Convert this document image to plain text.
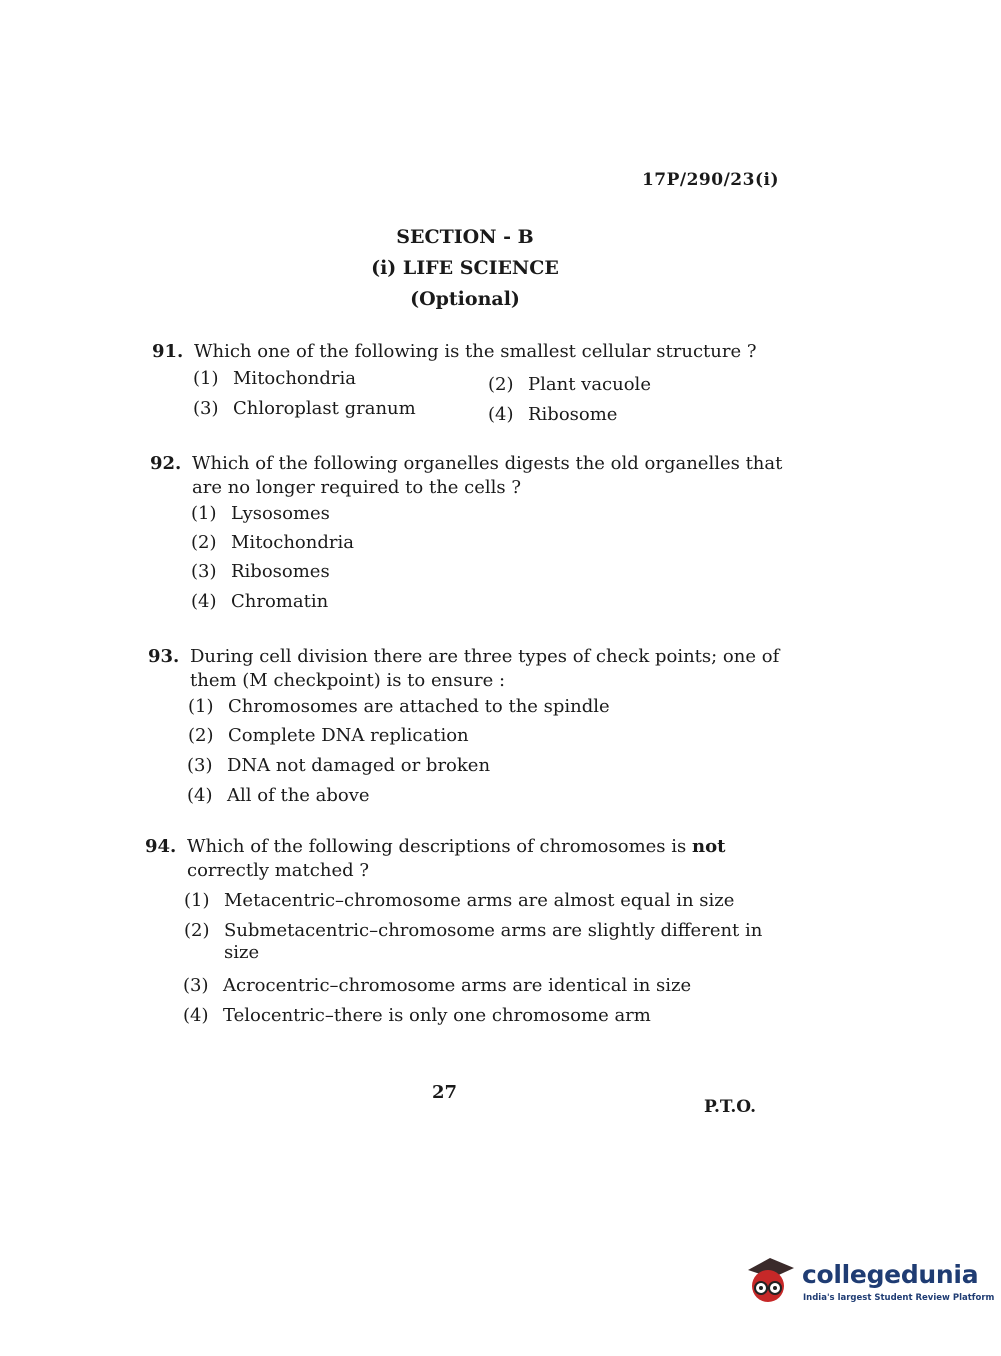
17P/290/23(i)
SECTION - B
(i) LIFE SCIENCE
(Optional)
91. Which one of the following is the smallest cellular structure ?
(1) Mitochondria	(2) Plant vacuole
(3) Chloroplast granum	(4) Ribosome
92. Which of the following organelles digests the old organelles that are no longer required to the cells ?
(1) Lysosomes
(2) Mitochondria
(3) Ribosomes
(4) Chromatin
93. During cell division there are three types of check points; one of them (M checkpoint) is to ensure :
(1) Chromosomes are attached to the spindle
(2) Complete DNA replication
(3) DNA not damaged or broken
(4) All of the above
94. Which of the following descriptions of chromosomes is not correctly matched ?
(1) Metacentric–chromosome arms are almost equal in size
(2) Submetacentric–chromosome arms are slightly different in size
(3) Acrocentric–chromosome arms are identical in size
(4) Telocentric–there is only one chromosome arm
27
P.T.O.
collegedunia
India's largest Student Review Platform
